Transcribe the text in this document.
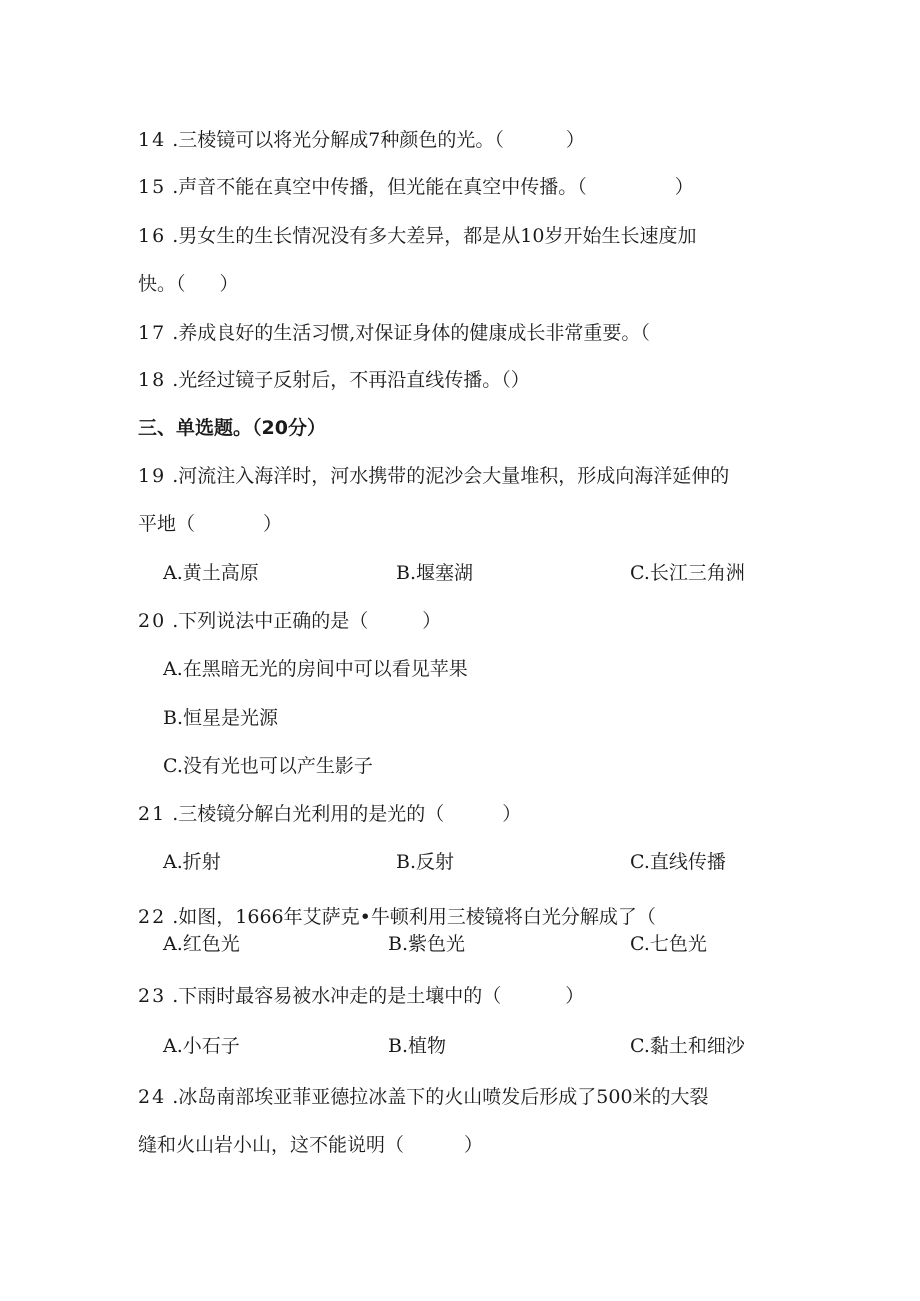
14 .三棱镜可以将光分解成7种颜色的光。（	）
15 .声音不能在真空中传播，但光能在真空中传播。（	）
16 .男女生的生长情况没有多大差异，都是从10岁开始生长速度加
快。（ ）
17 .养成良好的生活习惯,对保证身体的健康成长非常重要。（
18 .光经过镜子反射后，不再沿直线传播。（）
三、单选题。（20分）
19 .河流注入海洋时，河水携带的泥沙会大量堆积，形成向海洋延伸的
平地（	）
A.黄土高原	B.堰塞湖	C.长江三角洲
20 .下列说法中正确的是（	）
A.在黑暗无光的房间中可以看见苹果
B.恒星是光源
C.没有光也可以产生影子
21 .三棱镜分解白光利用的是光的（	）
A.折射	B.反射	C.直线传播
22 .如图，1666年艾萨克•牛顿利用三棱镜将白光分解成了（
A.红色光	B.紫色光	C.七色光
23 .下雨时最容易被水冲走的是土壤中的（	）
A.小石子	B.植物	C.黏土和细沙
24 .冰岛南部埃亚菲亚德拉冰盖下的火山喷发后形成了500米的大裂
缝和火山岩小山，这不能说明（	）
